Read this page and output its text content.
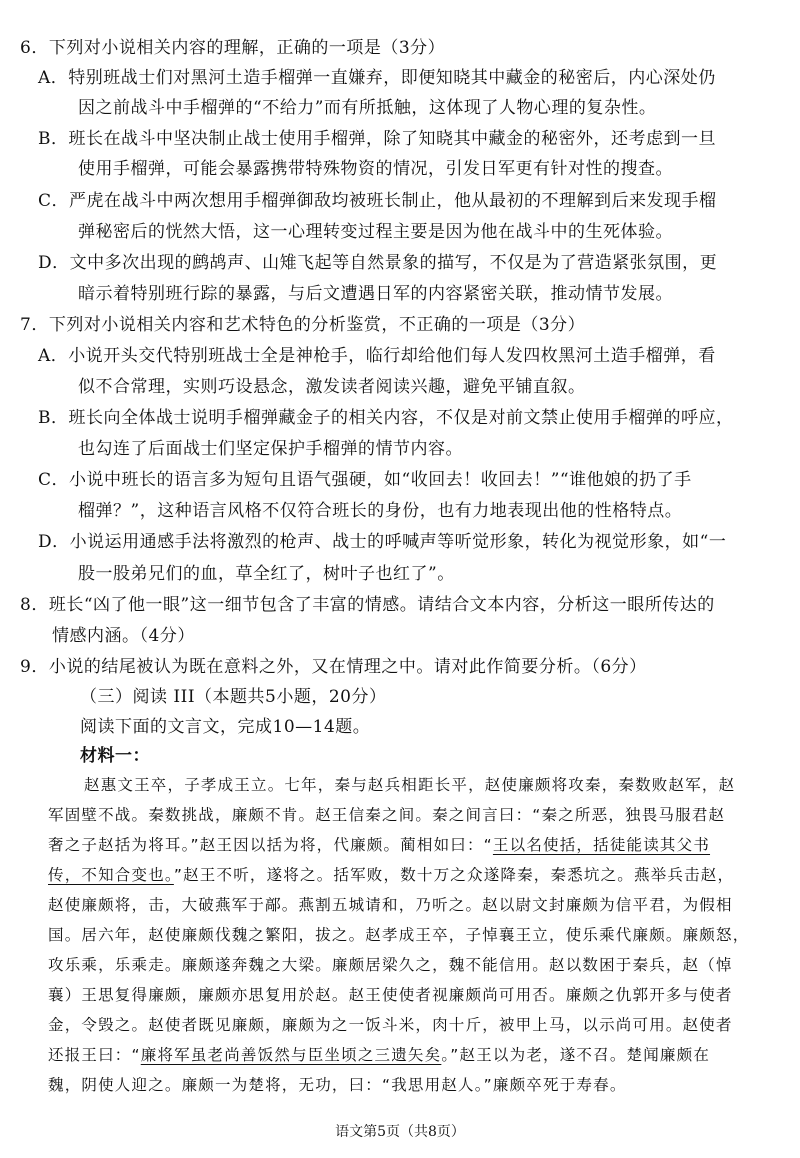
6．下列对小说相关内容的理解，正确的一项是（3分）
A．特别班战士们对黑河土造手榴弹一直嫌弃，即便知晓其中藏金的秘密后，内心深处仍
因之前战斗中手榴弹的“不给力”而有所抵触，这体现了人物心理的复杂性。
B．班长在战斗中坚决制止战士使用手榴弹，除了知晓其中藏金的秘密外，还考虑到一旦
使用手榴弹，可能会暴露携带特殊物资的情况，引发日军更有针对性的搜查。
C．严虎在战斗中两次想用手榴弹御敌均被班长制止，他从最初的不理解到后来发现手榴
弹秘密后的恍然大悟，这一心理转变过程主要是因为他在战斗中的生死体验。
D．文中多次出现的鹧鸪声、山雉飞起等自然景象的描写，不仅是为了营造紧张氛围，更
暗示着特别班行踪的暴露，与后文遭遇日军的内容紧密关联，推动情节发展。
7．下列对小说相关内容和艺术特色的分析鉴赏，不正确的一项是（3分）
A．小说开头交代特别班战士全是神枪手，临行却给他们每人发四枚黑河土造手榴弹，看
似不合常理，实则巧设悬念，激发读者阅读兴趣，避免平铺直叙。
B．班长向全体战士说明手榴弹藏金子的相关内容，不仅是对前文禁止使用手榴弹的呼应，
也勾连了后面战士们坚定保护手榴弹的情节内容。
C．小说中班长的语言多为短句且语气强硬，如“收回去！收回去！”“谁他娘的扔了手
榴弹？”，这种语言风格不仅符合班长的身份，也有力地表现出他的性格特点。
D．小说运用通感手法将激烈的枪声、战士的呼喊声等听觉形象，转化为视觉形象，如“一
股一股弟兄们的血，草全红了，树叶子也红了”。
8．班长“凶了他一眼”这一细节包含了丰富的情感。请结合文本内容，分析这一眼所传达的
情感内涵。（4分）
9．小说的结尾被认为既在意料之外，又在情理之中。请对此作简要分析。（6分）
（三）阅读 III（本题共5小题，20分）
阅读下面的文言文，完成10—14题。
材料一：
赵惠文王卒，子孝成王立。七年，秦与赵兵相距长平，赵使廉颇将攻秦，秦数败赵军，赵
军固壁不战。秦数挑战，廉颇不肯。赵王信秦之间。秦之间言曰：“秦之所恶，独畏马服君赵
奢之子赵括为将耳。”赵王因以括为将，代廉颇。蔺相如曰：“王以名使括，括徒能读其父书
传，不知合变也。”赵王不听，遂将之。括军败，数十万之众遂降秦，秦悉坑之。燕举兵击赵，
赵使廉颇将，击，大破燕军于鄗。燕割五城请和，乃听之。赵以尉文封廉颇为信平君，为假相
国。居六年，赵使廉颇伐魏之繁阳，拔之。赵孝成王卒，子悼襄王立，使乐乘代廉颇。廉颇怒，
攻乐乘，乐乘走。廉颇遂奔魏之大梁。廉颇居梁久之，魏不能信用。赵以数困于秦兵，赵（悼
襄）王思复得廉颇，廉颇亦思复用於赵。赵王使使者视廉颇尚可用否。廉颇之仇郭开多与使者
金，令毁之。赵使者既见廉颇，廉颇为之一饭斗米，肉十斤，被甲上马，以示尚可用。赵使者
还报王曰：“廉将军虽老尚善饭然与臣坐顷之三遗矢矣。”赵王以为老，遂不召。楚闻廉颇在
魏，阴使人迎之。廉颇一为楚将，无功，曰：“我思用赵人。”廉颇卒死于寿春。
语文第5页（共8页）
